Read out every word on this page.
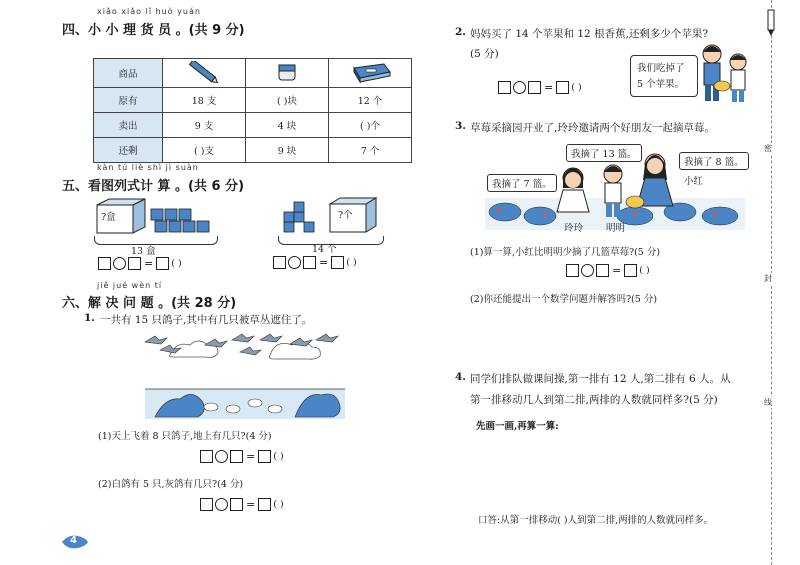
xiǎo xiǎo lǐ huò yuán
四、小 小 理 货 员 。(共 9 分)
商品			
原有	18 支	( )块	12 个
卖出	9 支	4 块	( )个
还剩	( )支	9 块	7 个
kàn tú liè shì jì suàn
五、看图列式计 算 。(共 6 分)
?盒
13 盒
= ( )
?个
14 个
= ( )
jiě jué wèn tí
六、解 决 问 题 。(共 28 分)
1. 一共有 15 只鸽子,其中有几只被草丛遮住了。
(1)天上飞着 8 只鸽子,地上有几只?(4 分)
= ( )
(2)白鸽有 5 只,灰鸽有几只?(4 分)
= ( )
4
2. 妈妈买了 14 个苹果和 12 根香蕉,还剩多少个苹果?
(5 分)
我们吃掉了
5 个苹果。
= ( )
3. 草莓采摘园开业了,玲玲邀请两个好朋友一起摘草莓。
我摘了 13 篮。
我摘了 8 篮。
我摘了 7 篮。	小红
玲玲 明明
(1)算一算,小红比明明少摘了几篮草莓?(5 分)
= ( )
(2)你还能提出一个数学问题并解答吗?(5 分)
4. 同学们排队做课间操,第一排有 12 人,第二排有 6 人。从
第一排移动几人到第二排,两排的人数就同样多?(5 分)
先画一画,再算一算:
口答:从第一排移动( )人到第二排,两排的人数就同样多。
密
封
线
